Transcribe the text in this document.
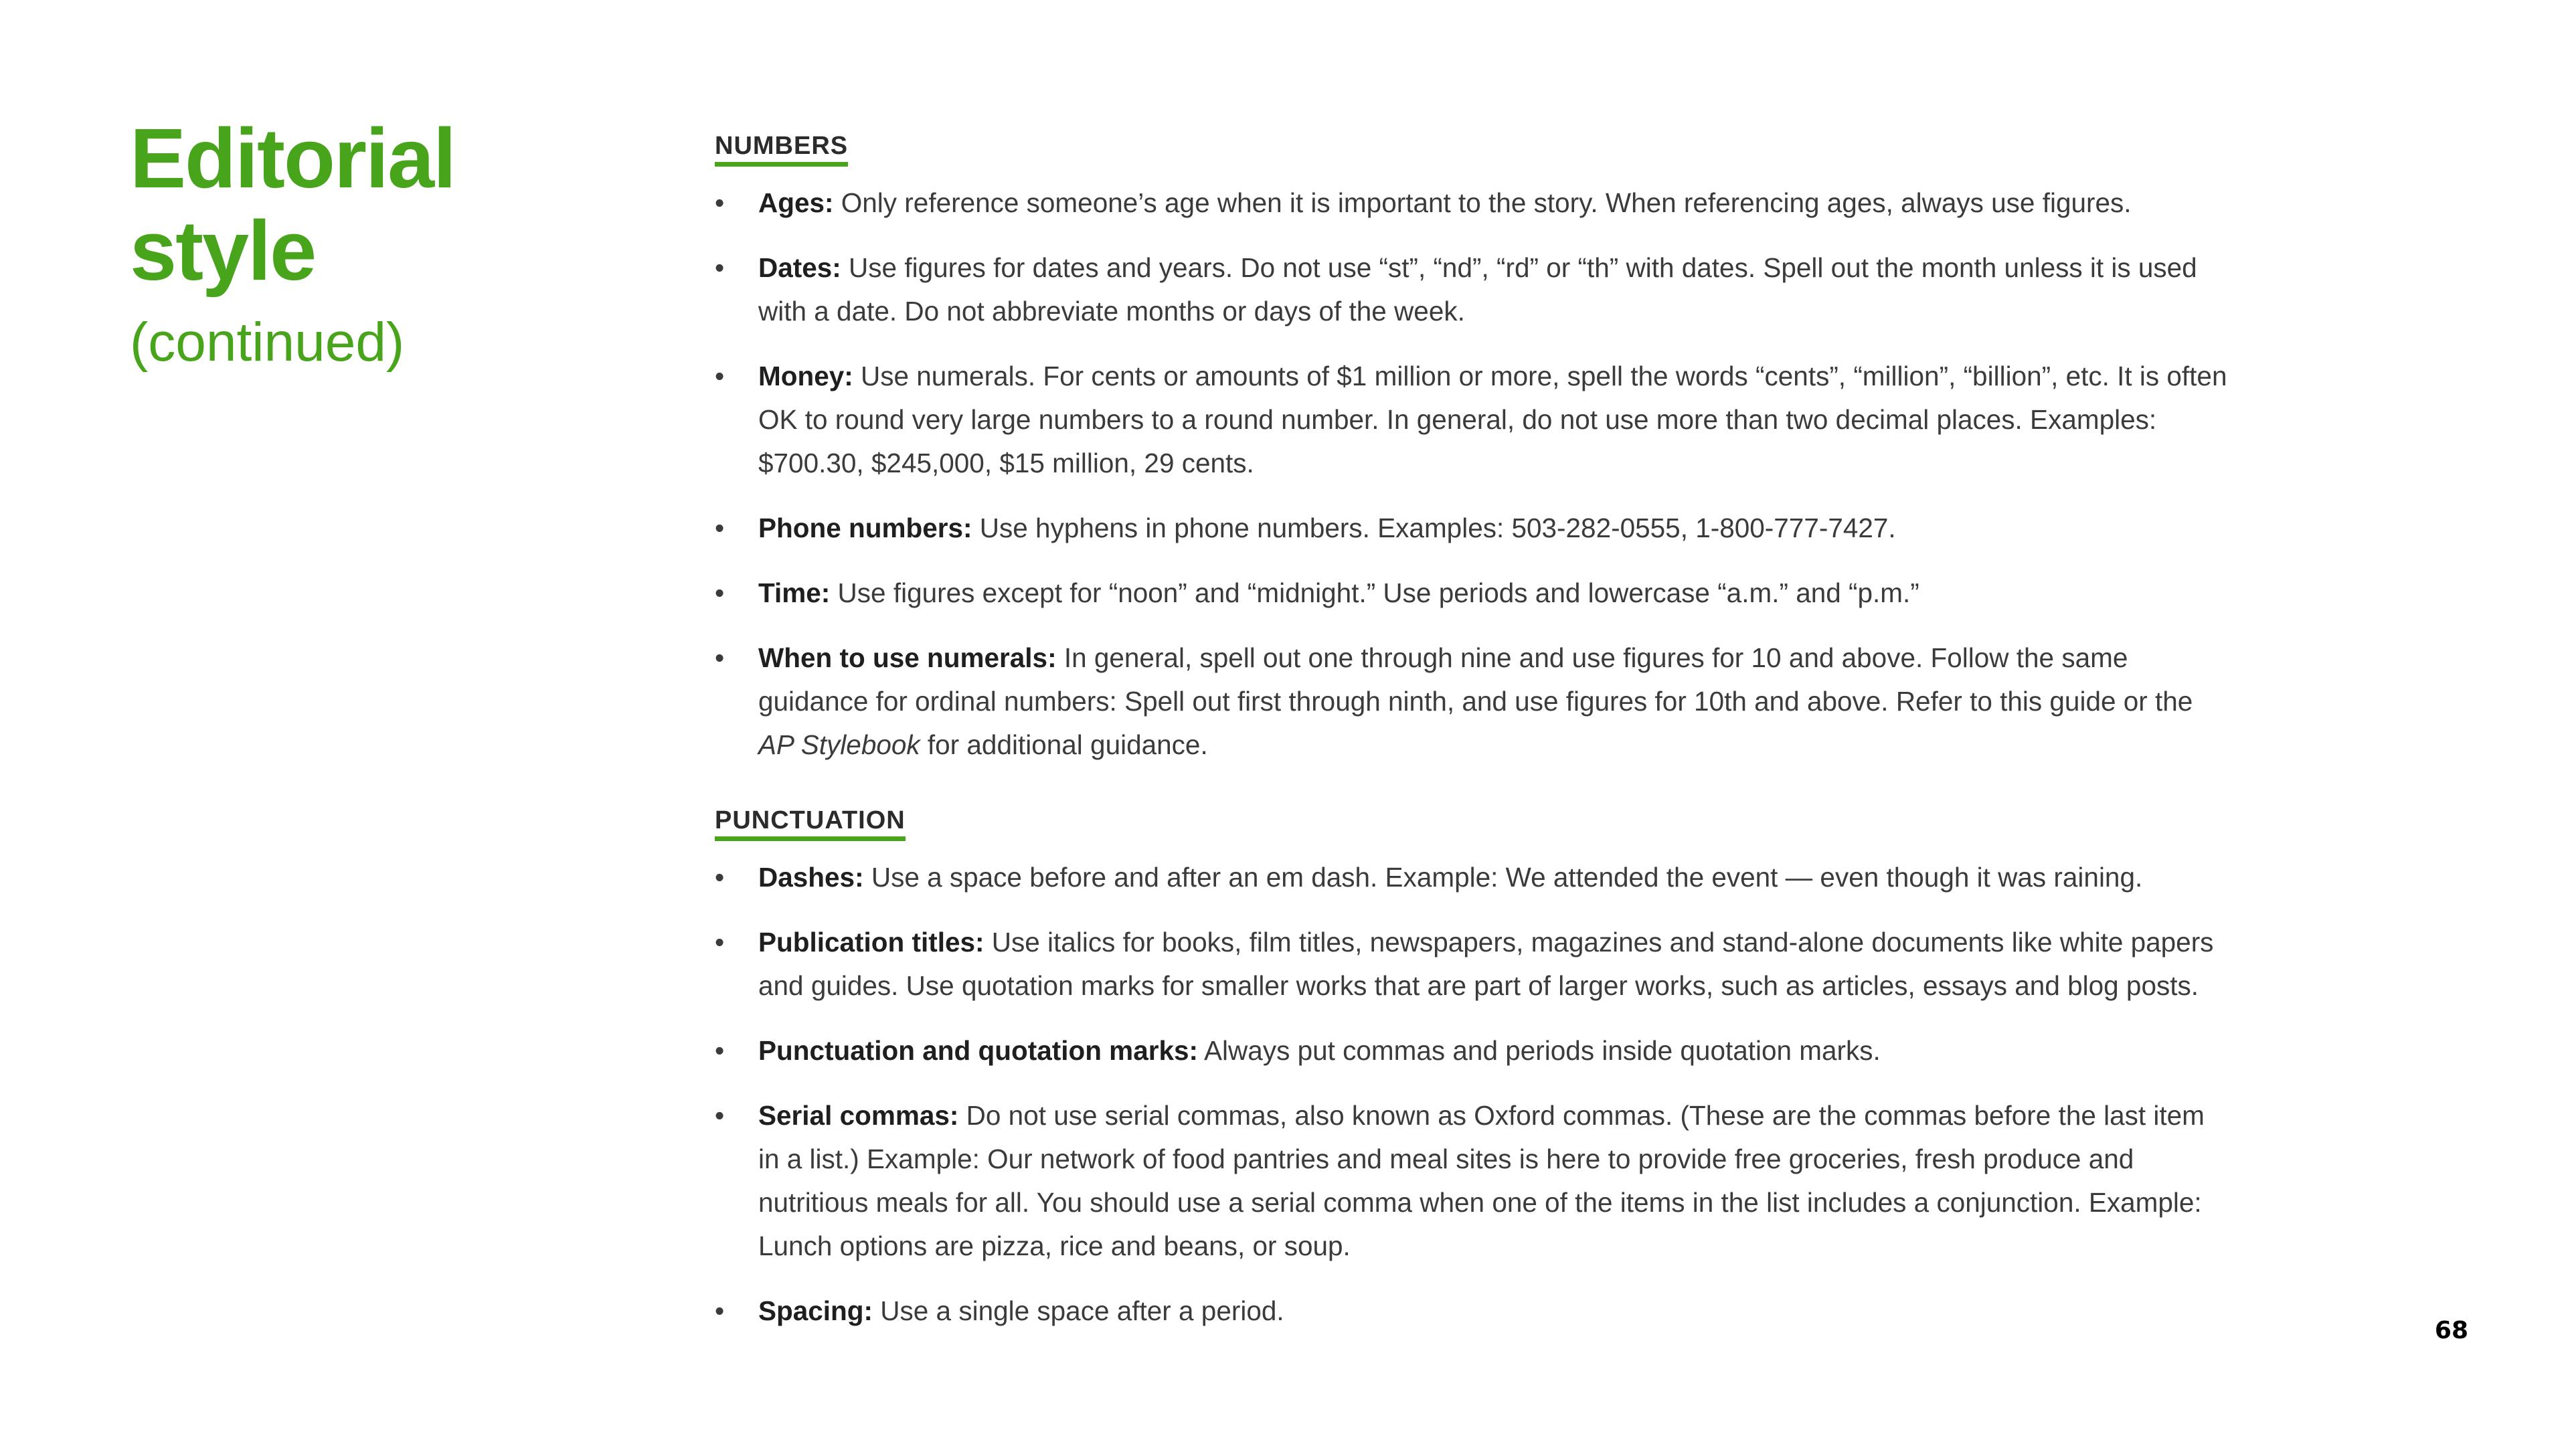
Editorial
style
(continued)
NUMBERS
• Ages: Only reference someone’s age when it is important to the story. When referencing ages, always use figures.
• Dates: Use figures for dates and years. Do not use “st”, “nd”, “rd” or “th” with dates. Spell out the month unless it is used with a date. Do not abbreviate months or days of the week.
• Money: Use numerals. For cents or amounts of $1 million or more, spell the words “cents”, “million”, “billion”, etc. It is often OK to round very large numbers to a round number. In general, do not use more than two decimal places. Examples: $700.30, $245,000, $15 million, 29 cents.
• Phone numbers: Use hyphens in phone numbers. Examples: 503-282-0555, 1-800-777-7427.
• Time: Use figures except for “noon” and “midnight.” Use periods and lowercase “a.m.” and “p.m.”
• When to use numerals: In general, spell out one through nine and use figures for 10 and above. Follow the same guidance for ordinal numbers: Spell out first through ninth, and use figures for 10th and above. Refer to this guide or the AP Stylebook for additional guidance.
PUNCTUATION
• Dashes: Use a space before and after an em dash. Example: We attended the event — even though it was raining.
• Publication titles: Use italics for books, film titles, newspapers, magazines and stand-alone documents like white papers and guides. Use quotation marks for smaller works that are part of larger works, such as articles, essays and blog posts.
• Punctuation and quotation marks: Always put commas and periods inside quotation marks.
• Serial commas: Do not use serial commas, also known as Oxford commas. (These are the commas before the last item in a list.) Example: Our network of food pantries and meal sites is here to provide free groceries, fresh produce and nutritious meals for all. You should use a serial comma when one of the items in the list includes a conjunction. Example: Lunch options are pizza, rice and beans, or soup.
• Spacing: Use a single space after a period.
68
